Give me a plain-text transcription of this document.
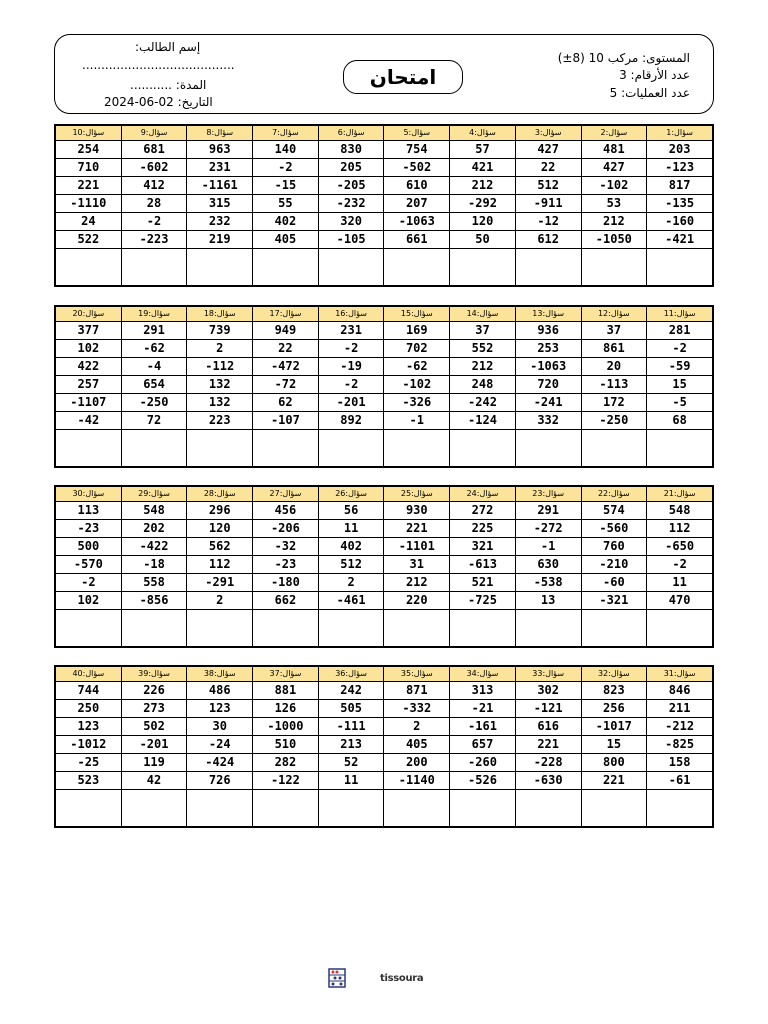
إسم الطالب:
........................................
المدة: ...........
التاريخ: 2024-06-02
امتحان
المستوى: مركب 10 (8±)
عدد الأرقام: 3
عدد العمليات: 5
سؤال:10	سؤال:9	سؤال:8	سؤال:7	سؤال:6	سؤال:5	سؤال:4	سؤال:3	سؤال:2	سؤال:1
254	681	963	140	830	754	57	427	481	203
710	-602	231	-2	205	-502	421	22	427	-123
221	412	-1161	-15	-205	610	212	512	-102	817
-1110	28	315	55	-232	207	-292	-911	53	-135
24	-2	232	402	320	-1063	120	-12	212	-160
522	-223	219	405	-105	661	50	612	-1050	-421

سؤال:20	سؤال:19	سؤال:18	سؤال:17	سؤال:16	سؤال:15	سؤال:14	سؤال:13	سؤال:12	سؤال:11
377	291	739	949	231	169	37	936	37	281
102	-62	2	22	-2	702	552	253	861	-2
422	-4	-112	-472	-19	-62	212	-1063	20	-59
257	654	132	-72	-2	-102	248	720	-113	15
-1107	-250	132	62	-201	-326	-242	-241	172	-5
-42	72	223	-107	892	-1	-124	332	-250	68

سؤال:30	سؤال:29	سؤال:28	سؤال:27	سؤال:26	سؤال:25	سؤال:24	سؤال:23	سؤال:22	سؤال:21
113	548	296	456	56	930	272	291	574	548
-23	202	120	-206	11	221	225	-272	-560	112
500	-422	562	-32	402	-1101	321	-1	760	-650
-570	-18	112	-23	512	31	-613	630	-210	-2
-2	558	-291	-180	2	212	521	-538	-60	11
102	-856	2	662	-461	220	-725	13	-321	470

سؤال:40	سؤال:39	سؤال:38	سؤال:37	سؤال:36	سؤال:35	سؤال:34	سؤال:33	سؤال:32	سؤال:31
744	226	486	881	242	871	313	302	823	846
250	273	123	126	505	-332	-21	-121	256	211
123	502	30	-1000	-111	2	-161	616	-1017	-212
-1012	-201	-24	510	213	405	657	221	15	-825
-25	119	-424	282	52	200	-260	-228	800	158
523	42	726	-122	11	-1140	-526	-630	221	-61

tissoura
